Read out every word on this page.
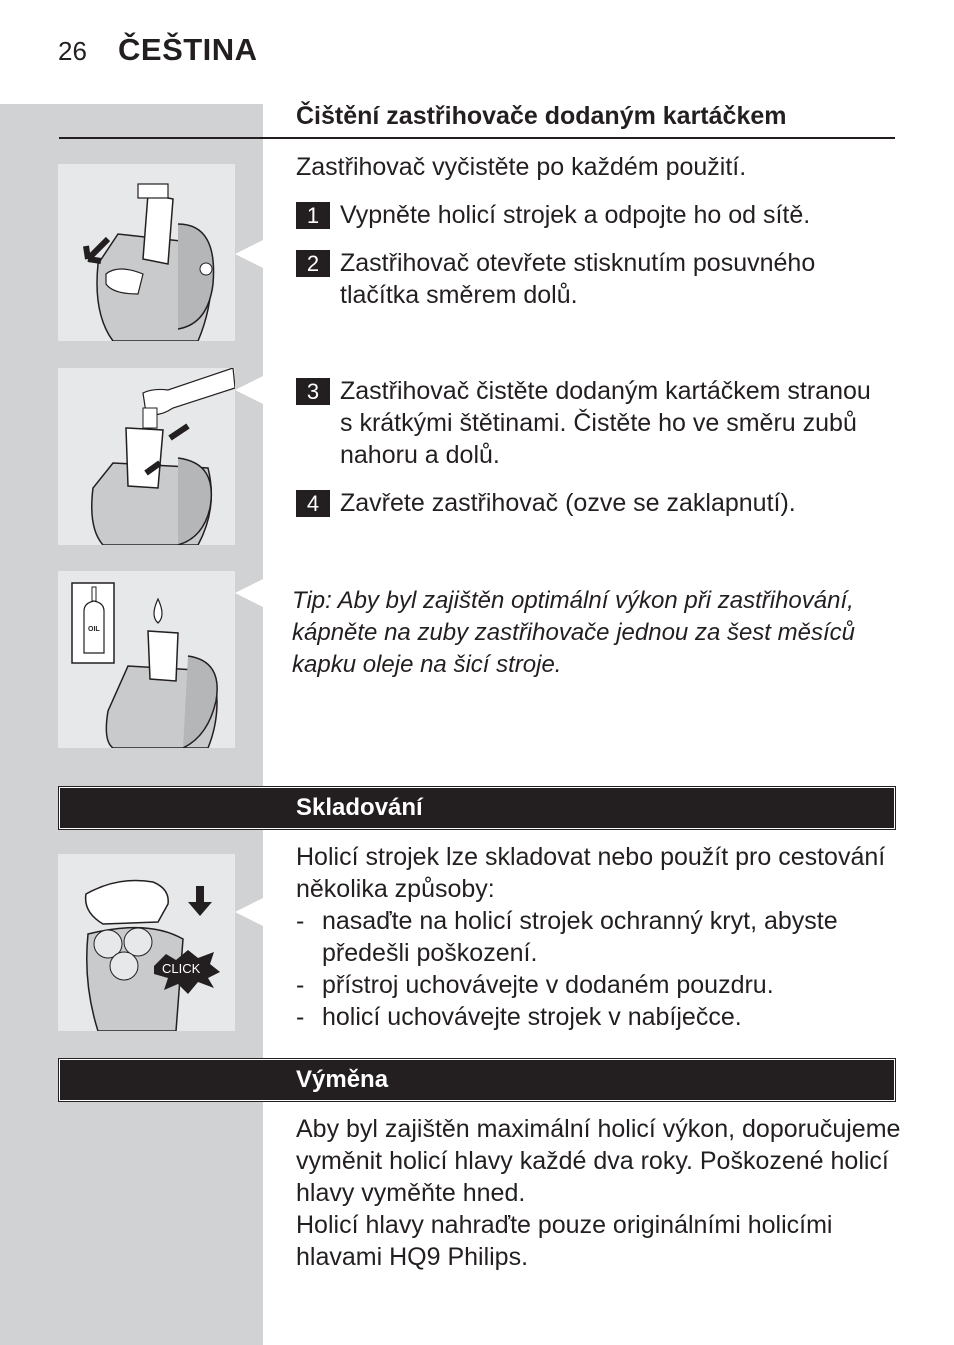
26 ČEŠTINA
Čištění zastřihovače dodaným kartáčkem
Zastřihovač vyčistěte po každém použití.
1 Vypněte holicí strojek a odpojte ho od sítě.
2 Zastřihovač otevřete stisknutím posuvného tlačítka směrem dolů.
3 Zastřihovač čistěte dodaným kartáčkem stranou s krátkými štětinami. Čistěte ho ve směru zubů nahoru a dolů.
4 Zavřete zastřihovač (ozve se zaklapnutí).
Tip: Aby byl zajištěn optimální výkon při zastřihování, kápněte na zuby zastřihovače jednou za šest měsíců kapku oleje na šicí stroje.
OIL
Skladování
Holicí strojek lze skladovat nebo použít pro cestování několika způsoby:
- nasaďte na holicí strojek ochranný kryt, abyste předešli poškození.
- přístroj uchovávejte v dodaném pouzdru.
- holicí uchovávejte strojek v nabíječce.
CLICK
Výměna
Aby byl zajištěn maximální holicí výkon, doporučujeme vyměnit holicí hlavy každé dva roky. Poškozené holicí hlavy vyměňte hned.
Holicí hlavy nahraďte pouze originálními holicími hlavami HQ9 Philips.
